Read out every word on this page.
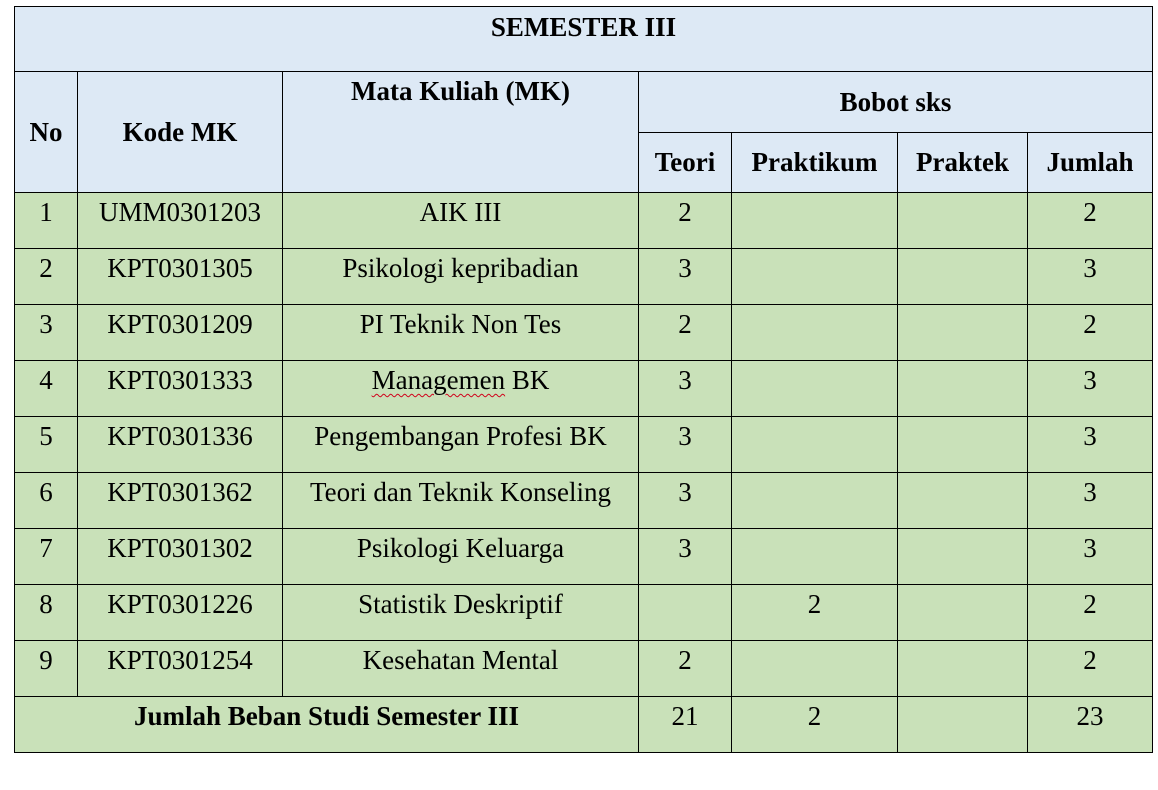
SEMESTER III						
No	Kode MK	Mata Kuliah (MK)	Bobot sks			
			Teori	Praktikum	Praktek	Jumlah
1	UMM0301203	AIK III	2			2
2	KPT0301305	Psikologi kepribadian	3			3
3	KPT0301209	PI Teknik Non Tes	2			2
4	KPT0301333	Managemen BK	3			3
5	KPT0301336	Pengembangan Profesi BK	3			3
6	KPT0301362	Teori dan Teknik Konseling	3			3
7	KPT0301302	Psikologi Keluarga	3			3
8	KPT0301226	Statistik Deskriptif		2		2
9	KPT0301254	Kesehatan Mental	2			2
Jumlah Beban Studi Semester III			21	2		23
